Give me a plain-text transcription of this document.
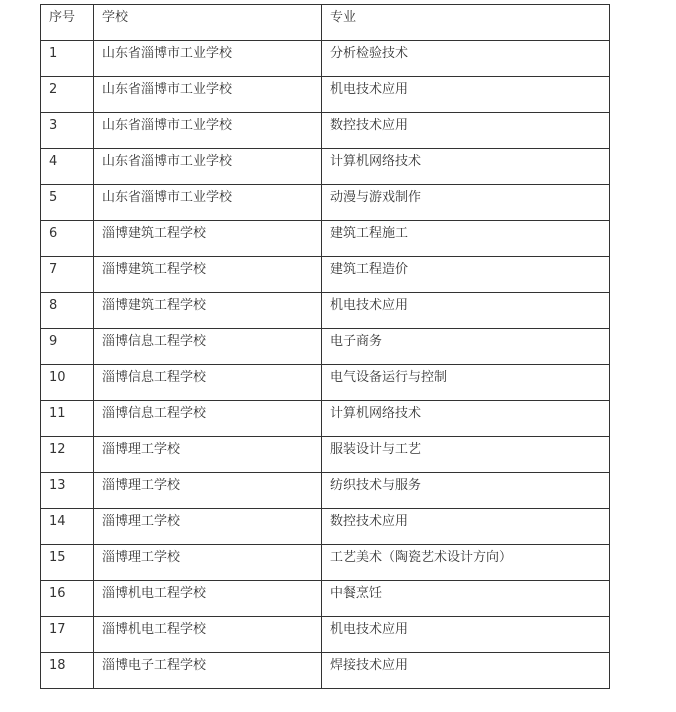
序号	学校	专业
1	山东省淄博市工业学校	分析检验技术
2	山东省淄博市工业学校	机电技术应用
3	山东省淄博市工业学校	数控技术应用
4	山东省淄博市工业学校	计算机网络技术
5	山东省淄博市工业学校	动漫与游戏制作
6	淄博建筑工程学校	建筑工程施工
7	淄博建筑工程学校	建筑工程造价
8	淄博建筑工程学校	机电技术应用
9	淄博信息工程学校	电子商务
10	淄博信息工程学校	电气设备运行与控制
11	淄博信息工程学校	计算机网络技术
12	淄博理工学校	服装设计与工艺
13	淄博理工学校	纺织技术与服务
14	淄博理工学校	数控技术应用
15	淄博理工学校	工艺美术（陶瓷艺术设计方向）
16	淄博机电工程学校	中餐烹饪
17	淄博机电工程学校	机电技术应用
18	淄博电子工程学校	焊接技术应用
